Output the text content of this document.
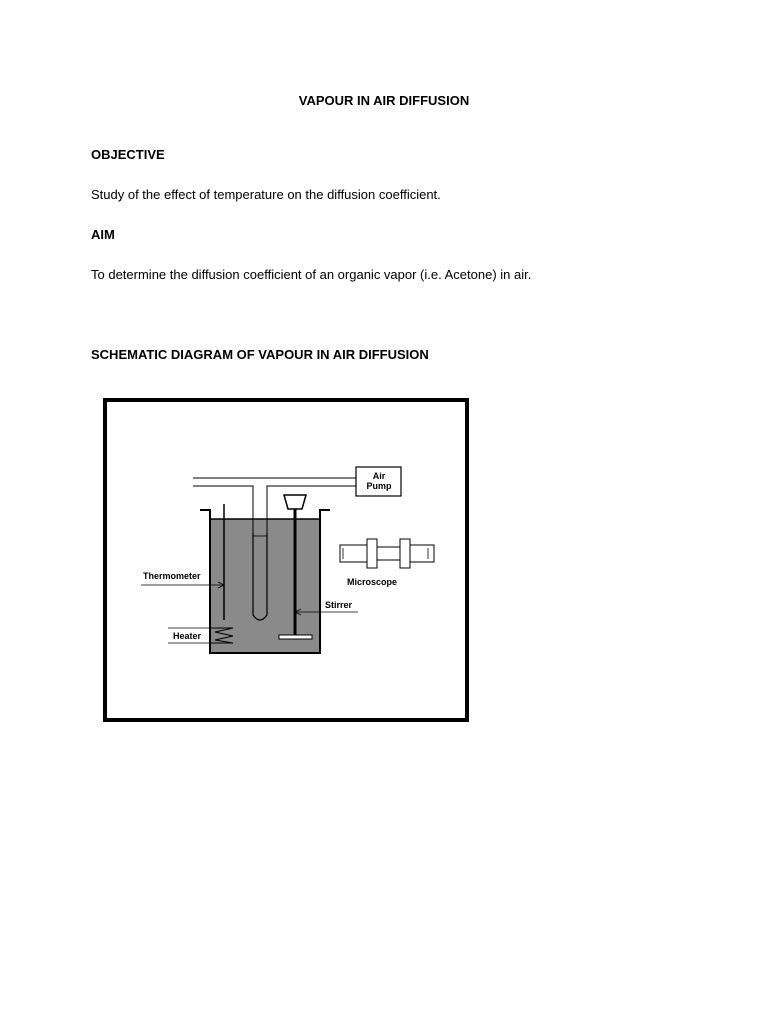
VAPOUR IN AIR DIFFUSION
OBJECTIVE
Study of the effect of temperature on the diffusion coefficient.
AIM
To determine the diffusion coefficient of an organic vapor (i.e. Acetone) in air.
SCHEMATIC DIAGRAM OF VAPOUR IN AIR DIFFUSION
Air
Pump
Thermometer
Stirrer
Heater
Microscope
